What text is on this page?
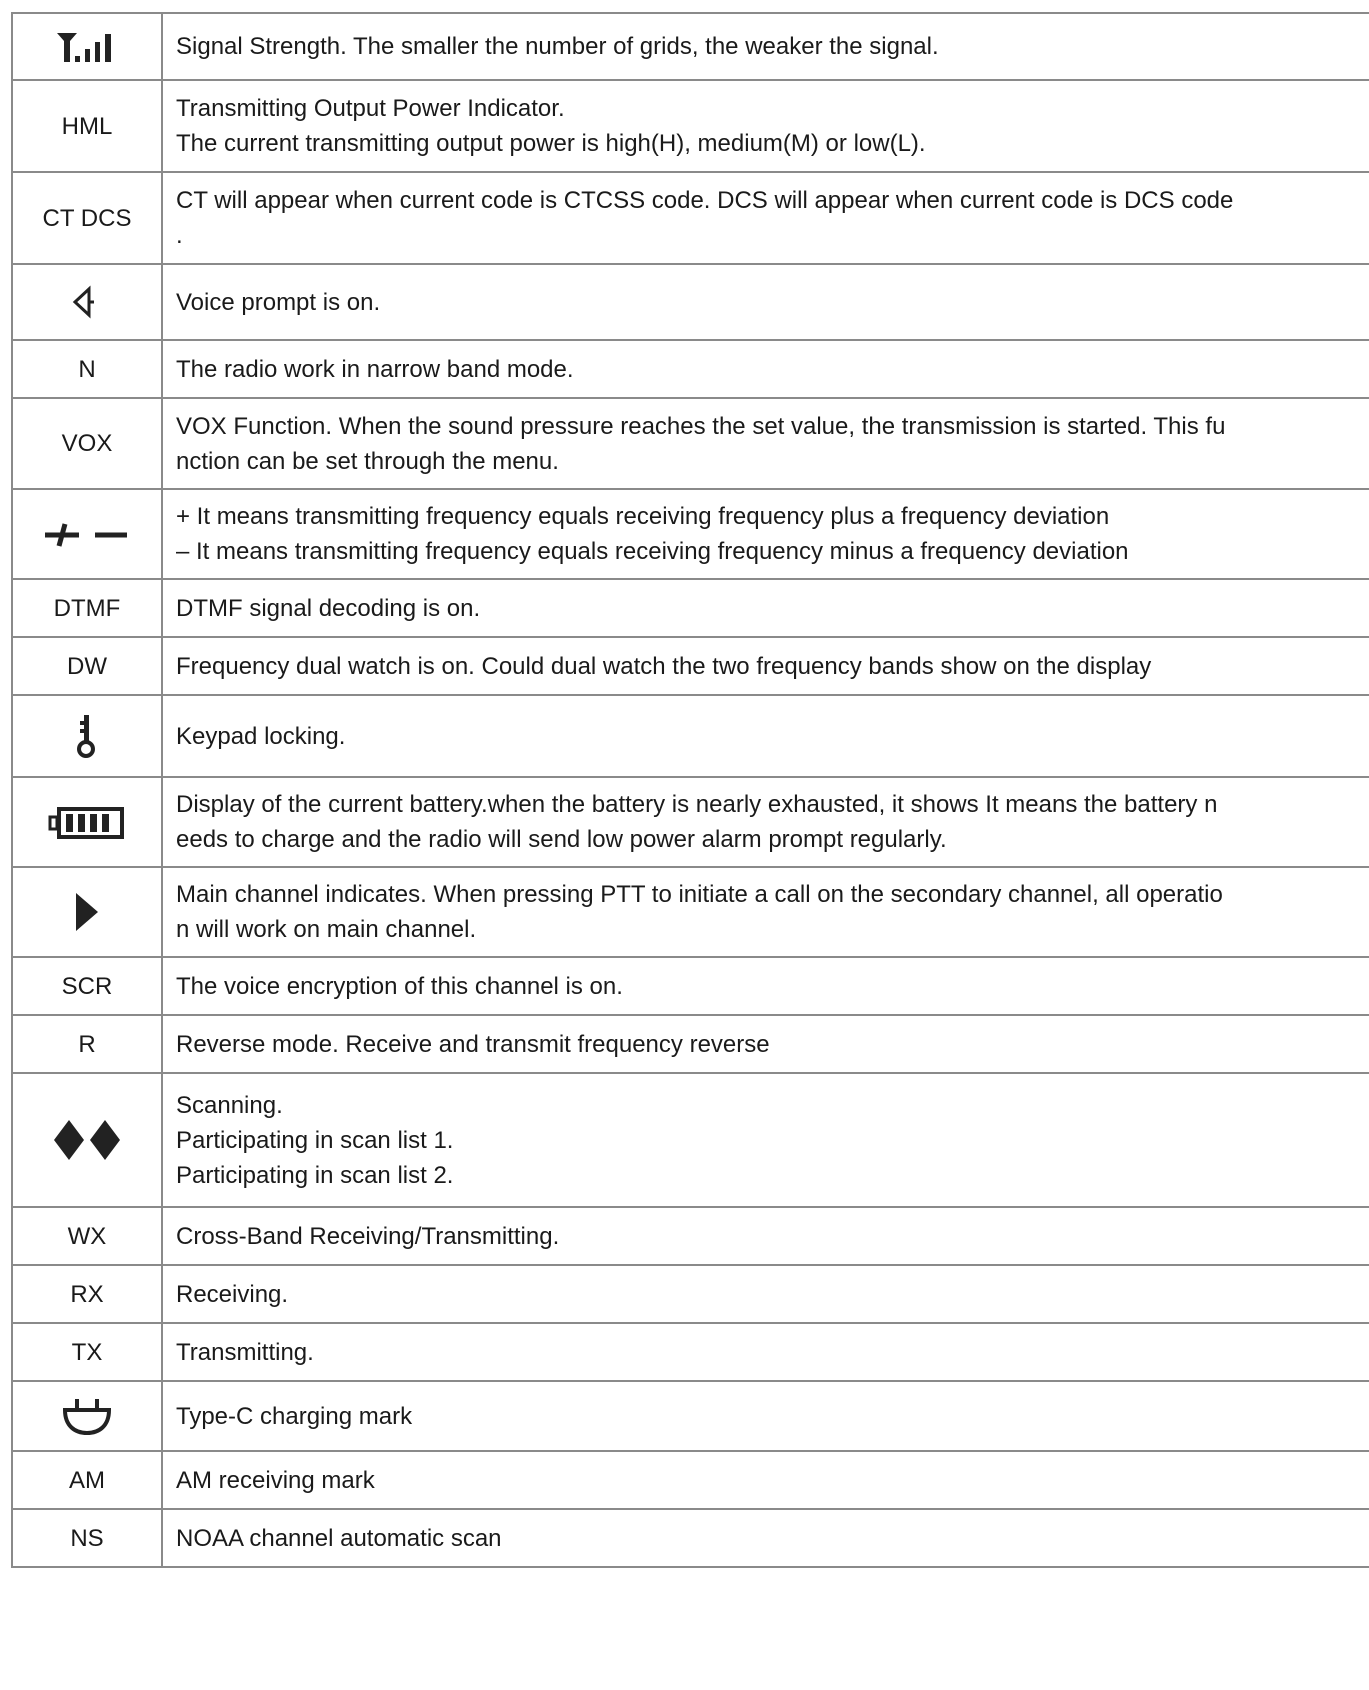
Signal Strength. The smaller the number of grids, the weaker the signal.

HML	Transmitting Output Power Indicator.
The current transmitting output power is high(H), medium(M) or low(L).

CT DCS	CT will appear when current code is CTCSS code. DCS will appear when current code is DCS code
.

Voice prompt is on.

N	The radio work in narrow band mode.

VOX	VOX Function. When the sound pressure reaches the set value, the transmission is started. This fu
nction can be set through the menu.

+ It means transmitting frequency equals receiving frequency plus a frequency deviation
– It means transmitting frequency equals receiving frequency minus a frequency deviation

DTMF	DTMF signal decoding is on.

DW	Frequency dual watch is on. Could dual watch the two frequency bands show on the display

Keypad locking.

Display of the current battery.when the battery is nearly exhausted, it shows It means the battery n
eeds to charge and the radio will send low power alarm prompt regularly.

Main channel indicates. When pressing PTT to initiate a call on the secondary channel, all operatio
n will work on main channel.

SCR	The voice encryption of this channel is on.

R	Reverse mode. Receive and transmit frequency reverse

Scanning.
Participating in scan list 1.
Participating in scan list 2.

WX	Cross-Band Receiving/Transmitting.

RX	Receiving.

TX	Transmitting.

Type-C charging mark

AM	AM receiving mark

NS	NOAA channel automatic scan
